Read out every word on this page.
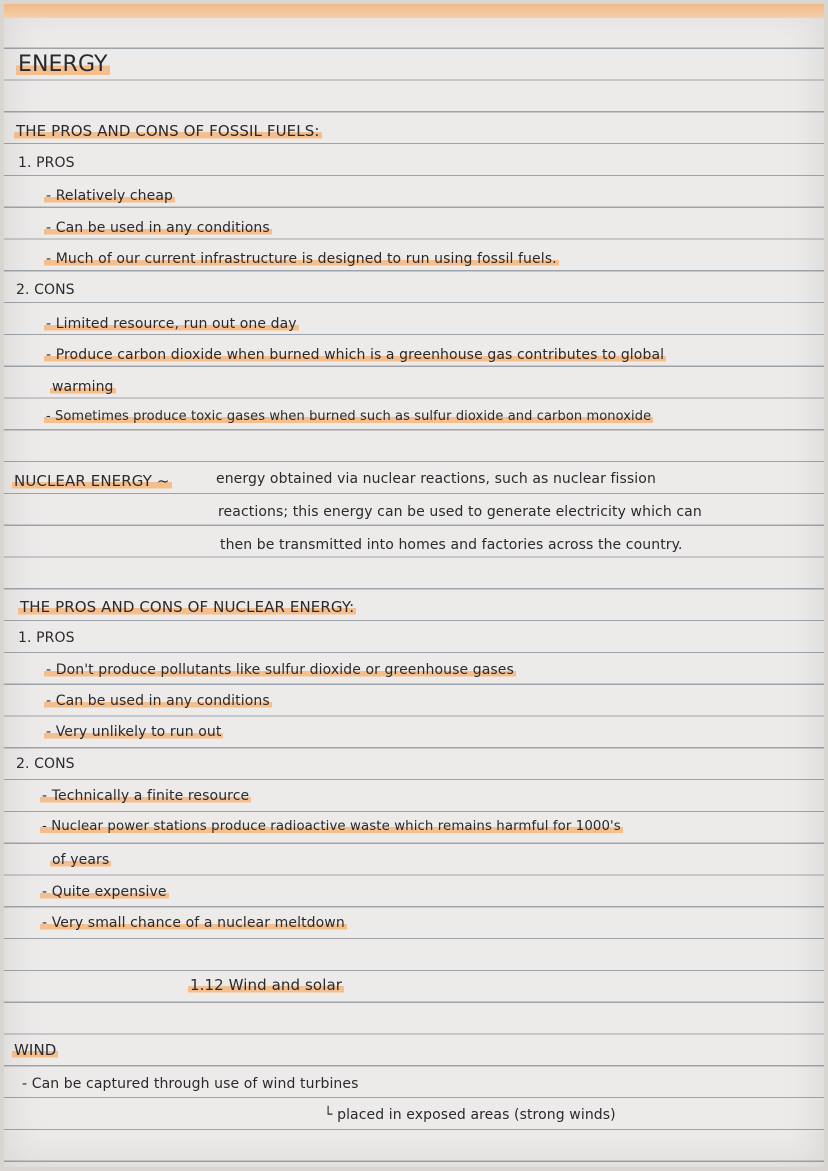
ENERGY
THE PROS AND CONS OF FOSSIL FUELS:
1. PROS
- Relatively cheap
- Can be used in any conditions
- Much of our current infrastructure is designed to run using fossil fuels.
2. CONS
- Limited resource, run out one day
- Produce carbon dioxide when burned which is a greenhouse gas contributes to global
warming
- Sometimes produce toxic gases when burned such as sulfur dioxide and carbon monoxide
NUCLEAR ENERGY ~	energy obtained via nuclear reactions, such as nuclear fission
reactions; this energy can be used to generate electricity which can
then be transmitted into homes and factories across the country.
THE PROS AND CONS OF NUCLEAR ENERGY:
1. PROS
- Don't produce pollutants like sulfur dioxide or greenhouse gases
- Can be used in any conditions
- Very unlikely to run out
2. CONS
- Technically a finite resource
- Nuclear power stations produce radioactive waste which remains harmful for 1000's
of years
- Quite expensive
- Very small chance of a nuclear meltdown
1.12 Wind and solar
WIND
- Can be captured through use of wind turbines
└ placed in exposed areas (strong winds)
